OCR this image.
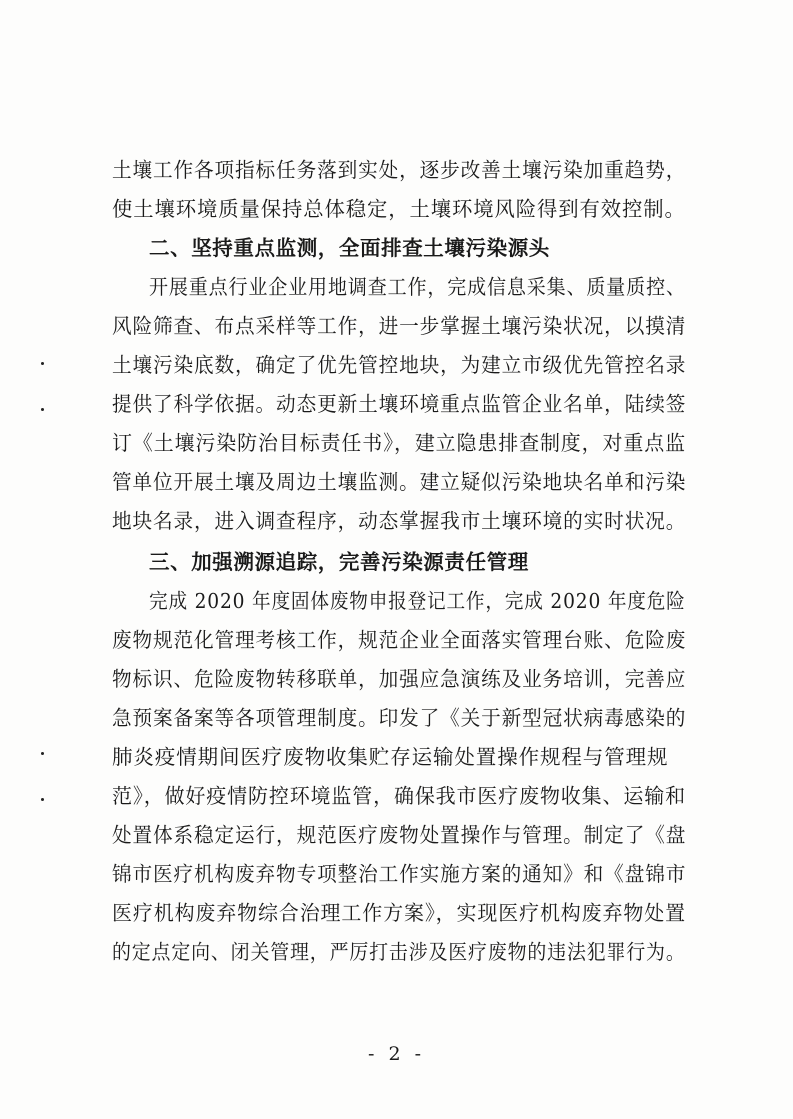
土壤工作各项指标任务落到实处，逐步改善土壤污染加重趋势，
使土壤环境质量保持总体稳定，土壤环境风险得到有效控制。
二、坚持重点监测，全面排查土壤污染源头
开展重点行业企业用地调查工作，完成信息采集、质量质控、
风险筛查、布点采样等工作，进一步掌握土壤污染状况，以摸清
土壤污染底数，确定了优先管控地块，为建立市级优先管控名录
提供了科学依据。动态更新土壤环境重点监管企业名单，陆续签
订《土壤污染防治目标责任书》，建立隐患排查制度，对重点监
管单位开展土壤及周边土壤监测。建立疑似污染地块名单和污染
地块名录，进入调查程序，动态掌握我市土壤环境的实时状况。
三、加强溯源追踪，完善污染源责任管理
完成 2020 年度固体废物申报登记工作，完成 2020 年度危险
废物规范化管理考核工作，规范企业全面落实管理台账、危险废
物标识、危险废物转移联单，加强应急演练及业务培训，完善应
急预案备案等各项管理制度。印发了《关于新型冠状病毒感染的
肺炎疫情期间医疗废物收集贮存运输处置操作规程与管理规
范》，做好疫情防控环境监管，确保我市医疗废物收集、运输和
处置体系稳定运行，规范医疗废物处置操作与管理。制定了《盘
锦市医疗机构废弃物专项整治工作实施方案的通知》和《盘锦市
医疗机构废弃物综合治理工作方案》，实现医疗机构废弃物处置
的定点定向、闭关管理，严厉打击涉及医疗废物的违法犯罪行为。
- 2 -
